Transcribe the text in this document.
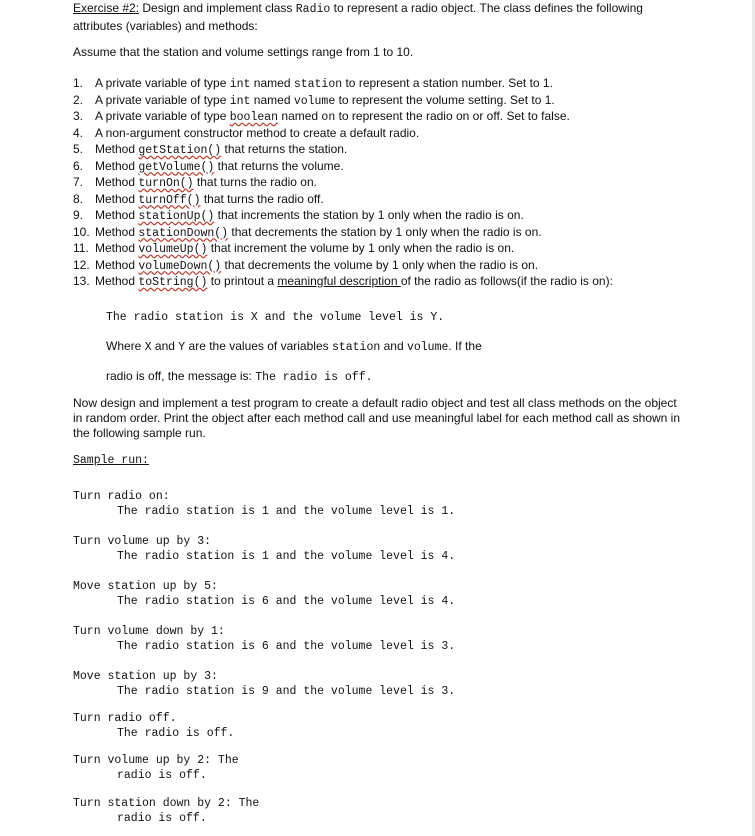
Exercise #2: Design and implement class Radio to represent a radio object. The class defines the following attributes (variables) and methods:
Assume that the station and volume settings range from 1 to 10.
1. A private variable of type int named station to represent a station number. Set to 1.
2. A private variable of type int named volume to represent the volume setting. Set to 1.
3. A private variable of type boolean named on to represent the radio on or off. Set to false.
4. A non-argument constructor method to create a default radio.
5. Method getStation() that returns the station.
6. Method getVolume() that returns the volume.
7. Method turnOn() that turns the radio on.
8. Method turnOff() that turns the radio off.
9. Method stationUp() that increments the station by 1 only when the radio is on.
10. Method stationDown() that decrements the station by 1 only when the radio is on.
11. Method volumeUp() that increment the volume by 1 only when the radio is on.
12. Method volumeDown() that decrements the volume by 1 only when the radio is on.
13. Method toString() to printout a meaningful description of the radio as follows(if the radio is on):
The radio station is X and the volume level is Y.
Where X and Y are the values of variables station and volume. If the
radio is off, the message is: The radio is off.
Now design and implement a test program to create a default radio object and test all class methods on the object in random order. Print the object after each method call and use meaningful label for each method call as shown in the following sample run.
Sample run:
Turn radio on:
The radio station is 1 and the volume level is 1.
Turn volume up by 3:
The radio station is 1 and the volume level is 4.
Move station up by 5:
The radio station is 6 and the volume level is 4.
Turn volume down by 1:
The radio station is 6 and the volume level is 3.
Move station up by 3:
The radio station is 9 and the volume level is 3.
Turn radio off.
The radio is off.
Turn volume up by 2: The
radio is off.
Turn station down by 2: The
radio is off.
